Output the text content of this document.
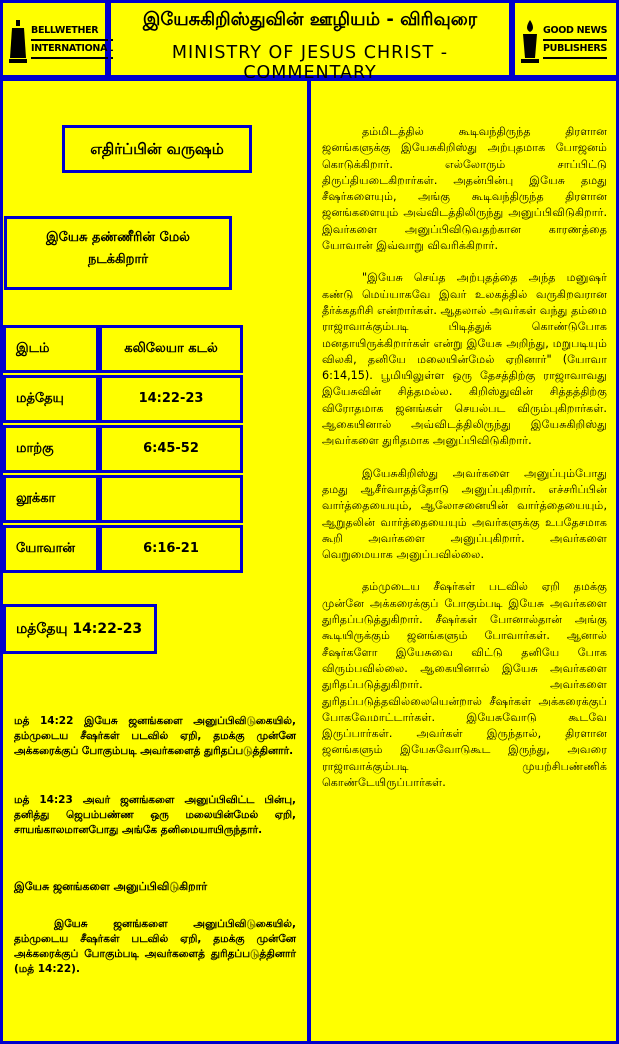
BELLWETHER
INTERNATIONAL
இயேசுகிறிஸ்துவின் ஊழியம் - விரிவுரை
MINISTRY OF JESUS CHRIST - COMMENTARY
GOOD NEWS
PUBLISHERS
எதிர்ப்பின் வருஷம்
இயேசு தண்ணீரின் மேல்
நடக்கிறார்
இடம்	கலிலேயா கடல்
மத்தேயு	14:22-23
மாற்கு	6:45-52
லூக்கா
யோவான்	6:16-21
மத்தேயு 14:22-23
மத் 14:22 இயேசு ஜனங்களை அனுப்பிவிடுகையில், தம்முடைய சீஷர்கள் படவில் ஏறி, தமக்கு முன்னே அக்கரைக்குப் போகும்படி அவர்களைத் துரிதப்படுத்தினார்.
மத் 14:23 அவர் ஜனங்களை அனுப்பிவிட்ட பின்பு, தனித்து ஜெபம்பண்ண ஒரு மலையின்மேல் ஏறி, சாயங்காலமானபோது அங்கே தனிமையாயிருந்தார்.
இயேசு ஜனங்களை அனுப்பிவிடுகிறார்
இயேசு ஜனங்களை அனுப்பிவிடுகையில், தம்முடைய சீஷர்கள் படவில் ஏறி, தமக்கு முன்னே அக்கரைக்குப் போகும்படி அவர்களைத் துரிதப்படுத்தினார் (மத் 14:22).

தம்மிடத்தில் கூடிவந்திருந்த திரளான ஜனங்களுக்கு இயேசுகிறிஸ்து அற்புதமாக போஜனம் கொடுக்கிறார். எல்லோரும் சாப்பிட்டு திருப்தியடைகிறார்கள். அதன்பின்பு இயேசு தமது சீஷர்களையும், அங்கு கூடிவந்திருந்த திரளான ஜனங்களையும் அவ்விடத்திலிருந்து அனுப்பிவிடுகிறார். இவர்களை அனுப்பிவிடுவதற்கான காரணத்தை யோவான் இவ்வாறு விவரிக்கிறார்.

"இயேசு செய்த அற்புதத்தை அந்த மனுஷர் கண்டு மெய்யாகவே இவர் உலகத்தில் வருகிறவரான தீர்க்கதரிசி என்றார்கள். ஆதலால் அவர்கள் வந்து தம்மை ராஜாவாக்கும்படி பிடித்துக் கொண்டுபோக மனதாயிருக்கிறார்கள் என்று இயேசு அறிந்து, மறுபடியும் விலகி, தனியே மலையின்மேல் ஏறினார்" (யோவா 6:14,15). பூமியிலுள்ள ஒரு தேசத்திற்கு ராஜாவாவது இயேசுவின் சித்தமல்ல. கிறிஸ்துவின் சித்தத்திற்கு விரோதமாக ஜனங்கள் செயல்பட விரும்புகிறார்கள். ஆகையினால் அவ்விடத்திலிருந்து இயேசுகிறிஸ்து அவர்களை துரிதமாக அனுப்பிவிடுகிறார்.

இயேசுகிறிஸ்து அவர்களை அனுப்பும்போது தமது ஆசீர்வாதத்தோடு அனுப்புகிறார். எச்சரிப்பின் வார்த்தையையும், ஆலோசனையின் வார்த்தையையும், ஆறுதலின் வார்த்தையையும் அவர்களுக்கு உபதேசமாக கூறி அவர்களை அனுப்புகிறார். அவர்களை வெறுமையாக அனுப்பவில்லை.

தம்முடைய சீஷர்கள் படவில் ஏறி தமக்கு முன்னே அக்கரைக்குப் போகும்படி இயேசு அவர்களை துரிதப்படுத்துகிறார். சீஷர்கள் போனால்தான் அங்கு கூடியிருக்கும் ஜனங்களும் போவார்கள். ஆனால் சீஷர்களோ இயேசுவை விட்டு தனியே போக விரும்பவில்லை. ஆகையினால் இயேசு அவர்களை துரிதப்படுத்துகிறார். அவர்களை துரிதப்படுத்தவில்லையென்றால் சீஷர்கள் அக்கரைக்குப் போகவேமாட்டார்கள். இயேசுவோடு கூடவே இருப்பார்கள். அவர்கள் இருந்தால், திரளான ஜனங்களும் இயேசுவோடுகூட இருந்து, அவரை ராஜாவாக்கும்படி முயற்சிபண்ணிக் கொண்டேயிருப்பார்கள்.
